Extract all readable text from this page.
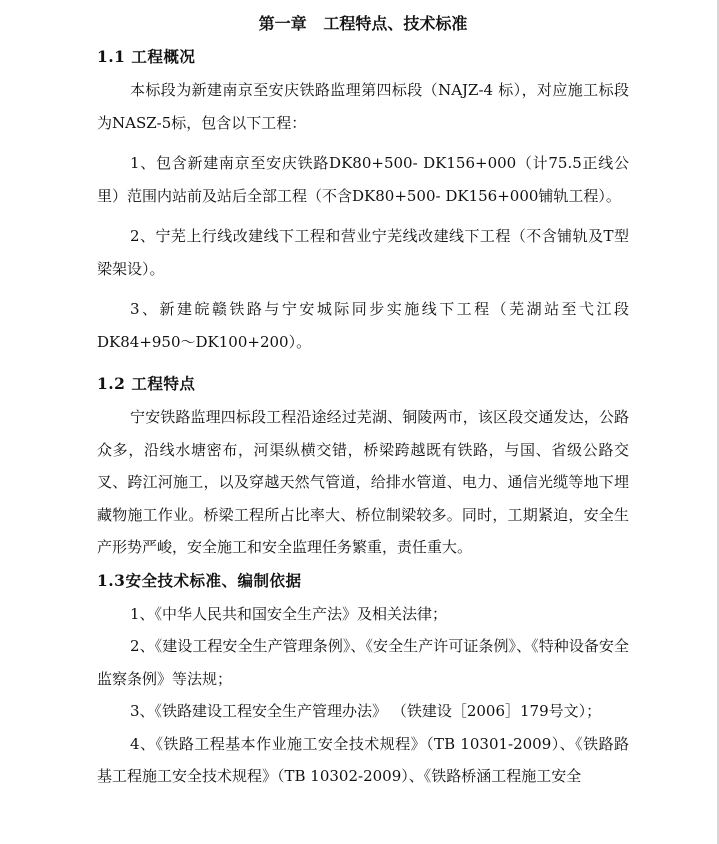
第一章   工程特点、技术标准

1.1 工程概况

本标段为新建南京至安庆铁路监理第四标段（NAJZ-4 标），对应施工标段为NASZ-5标，包含以下工程：

1、包含新建南京至安庆铁路DK80+500- DK156+000（计75.5正线公里）范围内站前及站后全部工程（不含DK80+500- DK156+000铺轨工程）。

2、宁芜上行线改建线下工程和营业宁芜线改建线下工程（不含铺轨及T型梁架设）。

3、新建皖赣铁路与宁安城际同步实施线下工程（芜湖站至弋江段DK84+950～DK100+200）。

1.2 工程特点

宁安铁路监理四标段工程沿途经过芜湖、铜陵两市，该区段交通发达，公路众多，沿线水塘密布，河渠纵横交错，桥梁跨越既有铁路，与国、省级公路交叉、跨江河施工，以及穿越天然气管道，给排水管道、电力、通信光缆等地下埋藏物施工作业。桥梁工程所占比率大、桥位制梁较多。同时，工期紧迫，安全生产形势严峻，安全施工和安全监理任务繁重，责任重大。

1.3安全技术标准、编制依据

1、《中华人民共和国安全生产法》及相关法律；

2、《建设工程安全生产管理条例》、《安全生产许可证条例》、《特种设备安全监察条例》等法规；

3、《铁路建设工程安全生产管理办法》 （铁建设［2006］179号文）；

4、《铁路工程基本作业施工安全技术规程》（TB 10301-2009）、《铁路路基工程施工安全技术规程》（TB 10302-2009）、《铁路桥涵工程施工安全
